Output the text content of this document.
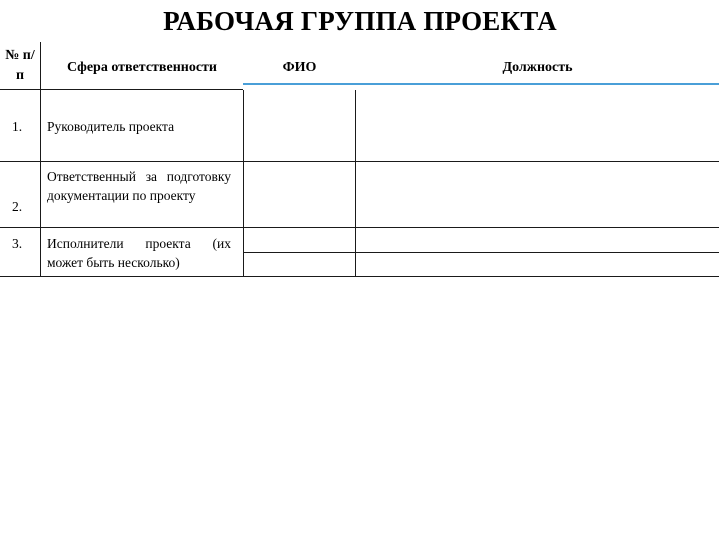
РАБОЧАЯ ГРУППА ПРОЕКТА
№ п/п
Сфера ответственности	ФИО	Должность
1. Руководитель проекта
2.
Ответственный за подготовку документации по проекту
3. Исполнители проекта (их может быть несколько)
